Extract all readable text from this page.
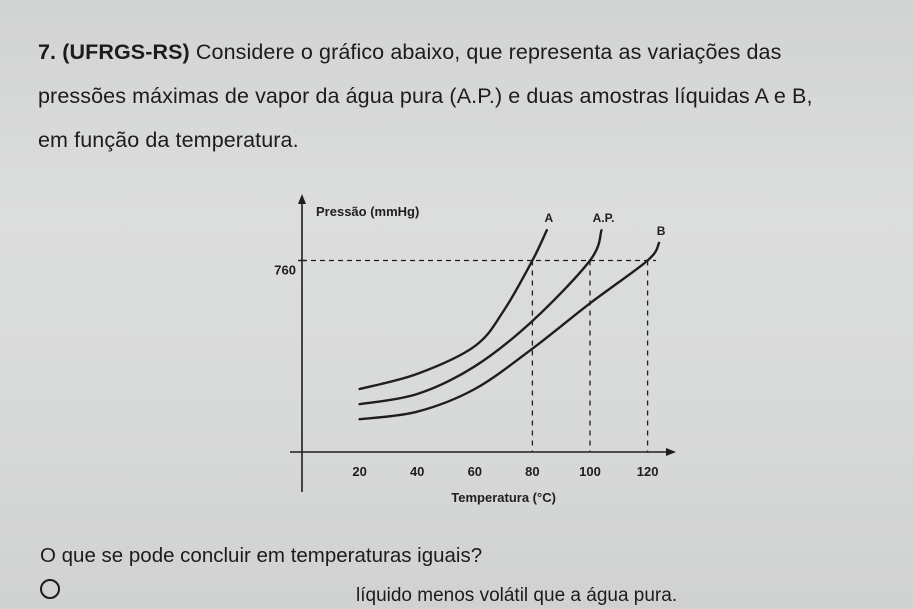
7. (UFRGS-RS) Considere o gráfico abaixo, que representa as variações das
pressões máximas de vapor da água pura (A.P.) e duas amostras líquidas A e B,
em função da temperatura.
Pressão (mmHg)
Temperatura (°C)
20	40	60	80	100	120
760
A	A.P.
B
O que se pode concluir em temperaturas iguais?
líquido menos volátil que a água pura.
